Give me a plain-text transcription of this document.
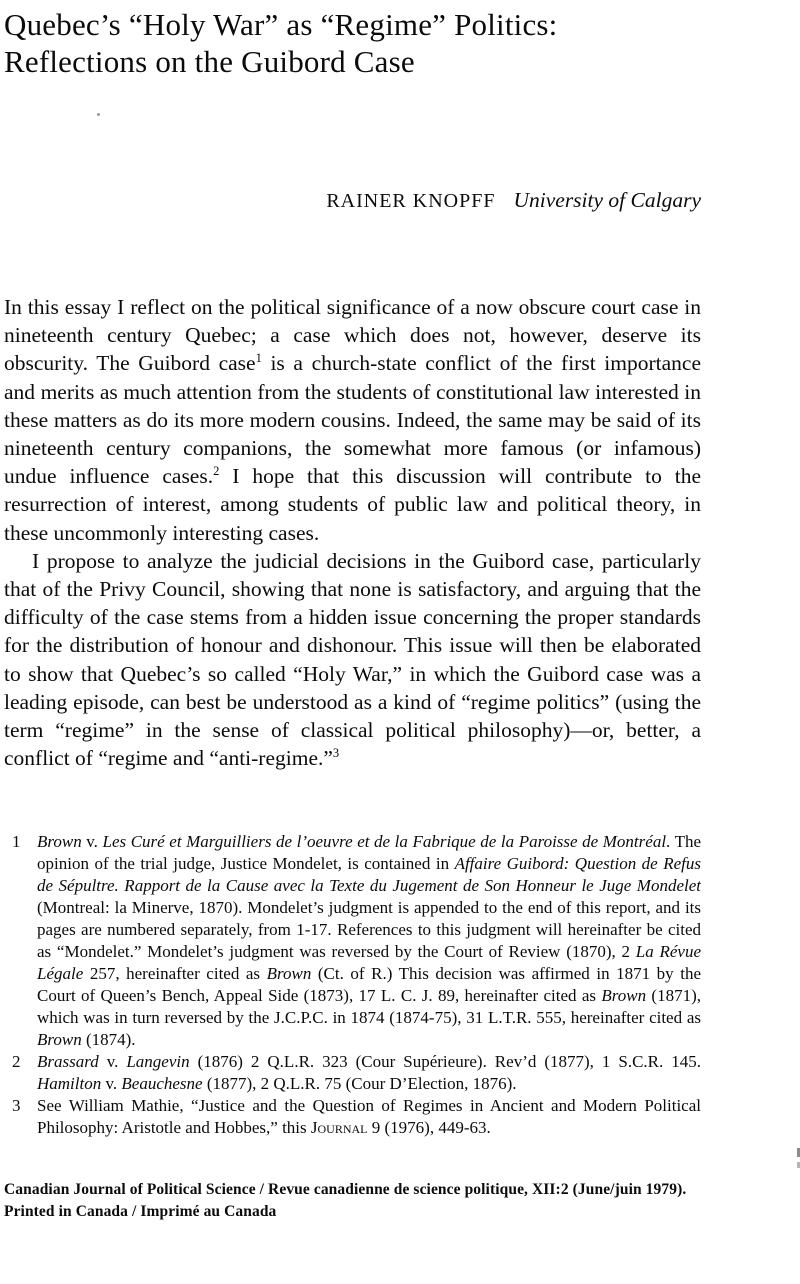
Quebec’s “Holy War” as “Regime” Politics:
Reflections on the Guibord Case
RAINER KNOPFF University of Calgary

In this essay I reflect on the political significance of a now obscure court case in nineteenth century Quebec; a case which does not, however, deserve its obscurity. The Guibord case$^1$ is a church-state conflict of the first importance and merits as much attention from the students of constitutional law interested in these matters as do its more modern cousins. Indeed, the same may be said of its nineteenth century companions, the somewhat more famous (or infamous) undue influence cases.$^2$ I hope that this discussion will contribute to the resurrection of interest, among students of public law and political theory, in these uncommonly interesting cases.

I propose to analyze the judicial decisions in the Guibord case, particularly that of the Privy Council, showing that none is satisfactory, and arguing that the difficulty of the case stems from a hidden issue concerning the proper standards for the distribution of honour and dishonour. This issue will then be elaborated to show that Quebec’s so called “Holy War,” in which the Guibord case was a leading episode, can best be understood as a kind of “regime politics” (using the term “regime” in the sense of classical political philosophy)—or, better, a conflict of “regime and “anti-regime.”$^3$

1 Brown v. Les Curé et Marguilliers de l’oeuvre et de la Fabrique de la Paroisse de Montréal. The opinion of the trial judge, Justice Mondelet, is contained in Affaire Guibord: Question de Refus de Sépultre. Rapport de la Cause avec la Texte du Jugement de Son Honneur le Juge Mondelet (Montreal: la Minerve, 1870). Mondelet’s judgment is appended to the end of this report, and its pages are numbered separately, from 1-17. References to this judgment will hereinafter be cited as “Mondelet.” Mondelet’s judgment was reversed by the Court of Review (1870), 2 La Révue Légale 257, hereinafter cited as Brown (Ct. of R.) This decision was affirmed in 1871 by the Court of Queen’s Bench, Appeal Side (1873), 17 L. C. J. 89, hereinafter cited as Brown (1871), which was in turn reversed by the J.C.P.C. in 1874 (1874-75), 31 L.T.R. 555, hereinafter cited as Brown (1874).
2 Brassard v. Langevin (1876) 2 Q.L.R. 323 (Cour Supérieure). Rev’d (1877), 1 S.C.R. 145. Hamilton v. Beauchesne (1877), 2 Q.L.R. 75 (Cour D’Election, 1876).
3 See William Mathie, “Justice and the Question of Regimes in Ancient and Modern Political Philosophy: Aristotle and Hobbes,” this Journal 9 (1976), 449-63.
Canadian Journal of Political Science / Revue canadienne de science politique, XII:2 (June/juin 1979).
Printed in Canada / Imprimé au Canada
